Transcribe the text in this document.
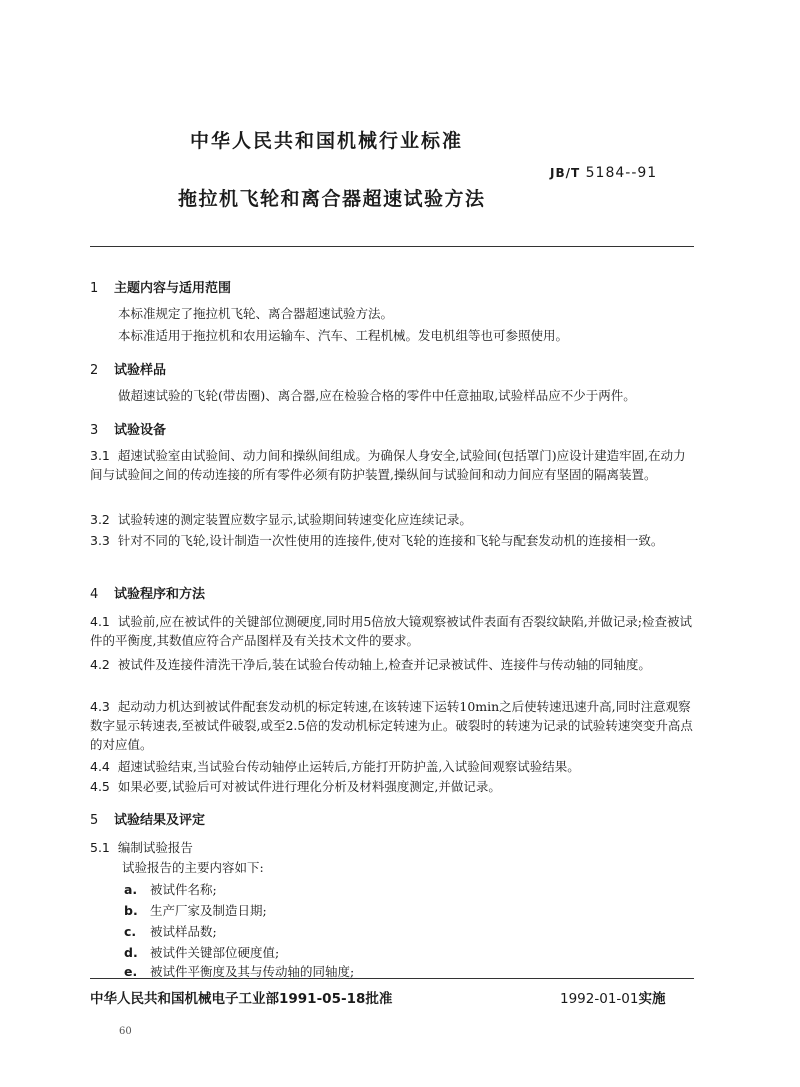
中华人民共和国机械行业标准
JB/T 5184--91
拖拉机飞轮和离合器超速试验方法
1 主题内容与适用范围
本标准规定了拖拉机飞轮、离合器超速试验方法。
本标准适用于拖拉机和农用运输车、汽车、工程机械。发电机组等也可参照使用。
2 试验样品
做超速试验的飞轮(带齿圈)、离合器,应在检验合格的零件中任意抽取,试验样品应不少于两件。
3 试验设备
3.1 超速试验室由试验间、动力间和操纵间组成。为确保人身安全,试验间(包括罩门)应设计建造牢固,在动力间与试验间之间的传动连接的所有零件必须有防护装置,操纵间与试验间和动力间应有坚固的隔离装置。
3.2 试验转速的测定装置应数字显示,试验期间转速变化应连续记录。
3.3 针对不同的飞轮,设计制造一次性使用的连接件,使对飞轮的连接和飞轮与配套发动机的连接相一致。
4 试验程序和方法
4.1 试验前,应在被试件的关键部位测硬度,同时用5倍放大镜观察被试件表面有否裂纹缺陷,并做记录;检查被试件的平衡度,其数值应符合产品图样及有关技术文件的要求。
4.2 被试件及连接件清洗干净后,装在试验台传动轴上,检查并记录被试件、连接件与传动轴的同轴度。
4.3 起动动力机达到被试件配套发动机的标定转速,在该转速下运转10min之后使转速迅速升高,同时注意观察数字显示转速表,至被试件破裂,或至2.5倍的发动机标定转速为止。破裂时的转速为记录的试验转速突变升高点的对应值。
4.4 超速试验结束,当试验台传动轴停止运转后,方能打开防护盖,入试验间观察试验结果。
4.5 如果必要,试验后可对被试件进行理化分析及材料强度测定,并做记录。
5 试验结果及评定
5.1 编制试验报告
试验报告的主要内容如下:
a. 被试件名称;
b. 生产厂家及制造日期;
c. 被试样品数;
d. 被试件关键部位硬度值;
e. 被试件平衡度及其与传动轴的同轴度;
中华人民共和国机械电子工业部1991-05-18批准	1992-01-01实施
60
